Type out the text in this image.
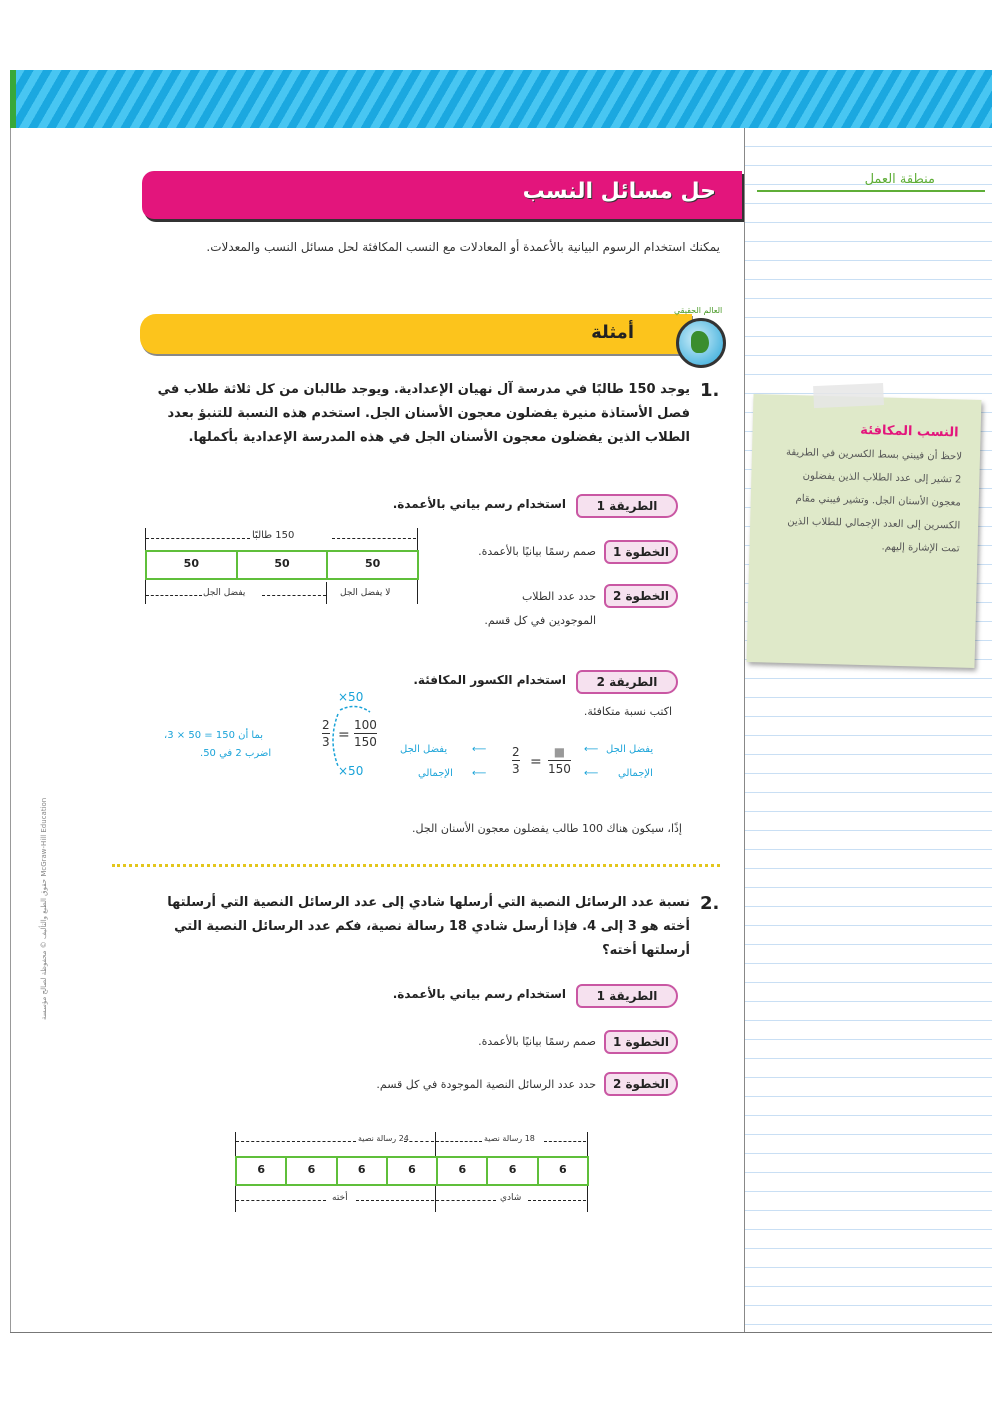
منطقة العمل
النسب المكافئة
لاحظ أن فيبني بسط الكسرين في الطريقة 2 تشير إلى عدد الطلاب الذين يفضلون معجون الأسنان الجل. وتشير فيبني مقام الكسرين إلى العدد الإجمالي للطلاب الذين تمت الإشارة إليهم.
حل مسائل النسب
يمكنك استخدام الرسوم البيانية بالأعمدة أو المعادلات مع النسب المكافئة لحل مسائل النسب والمعدلات.
أمثلة
العالم الحقيقي
1.
يوجد 150 طالبًا في مدرسة آل نهيان الإعدادية. ويوجد طالبان من كل ثلاثة طلاب في فصل الأستاذة منيرة يفضلون معجون الأسنان الجل. استخدم هذه النسبة للتنبؤ بعدد الطلاب الذين يفضلون معجون الأسنان الجل في هذه المدرسة الإعدادية بأكملها.
الطريقة 1
استخدام رسم بياني بالأعمدة.
150 طالبًا
50	50	50
يفضل الجل	لا يفضل الجل
الخطوة 1
صمم رسمًا بيانيًا بالأعمدة.
الخطوة 2
حدد عدد الطلاب
الموجودين في كل قسم.
الطريقة 2
استخدام الكسور المكافئة.
اكتب نسبة متكافئة.
×50
2
3 =
100
150
×50
بما أن 150 = 50 × 3،
اضرب 2 في 50.	يفضل الجل ⟵
الإجمالي ⟵
2
3 =
■
150
⟵ يفضل الجل
⟵ الإجمالي
إذًا، سيكون هناك 100 طالب يفضلون معجون الأسنان الجل.
2.
نسبة عدد الرسائل النصية التي أرسلها شادي إلى عدد الرسائل النصية التي أرسلتها أخته هو 3 إلى 4. فإذا أرسل شادي 18 رسالة نصية، فكم عدد الرسائل النصية التي أرسلتها أخته؟
الطريقة 1
استخدام رسم بياني بالأعمدة.
الخطوة 1
صمم رسمًا بيانيًا بالأعمدة.
الخطوة 2
حدد عدد الرسائل النصية الموجودة في كل قسم.
24 رسالة نصية	18 رسالة نصية
6	6	6	6	6	6	6
أخته	شادي
حقوق الطبع والتأليف © محفوظة لصالح مؤسسة McGraw-Hill Education
